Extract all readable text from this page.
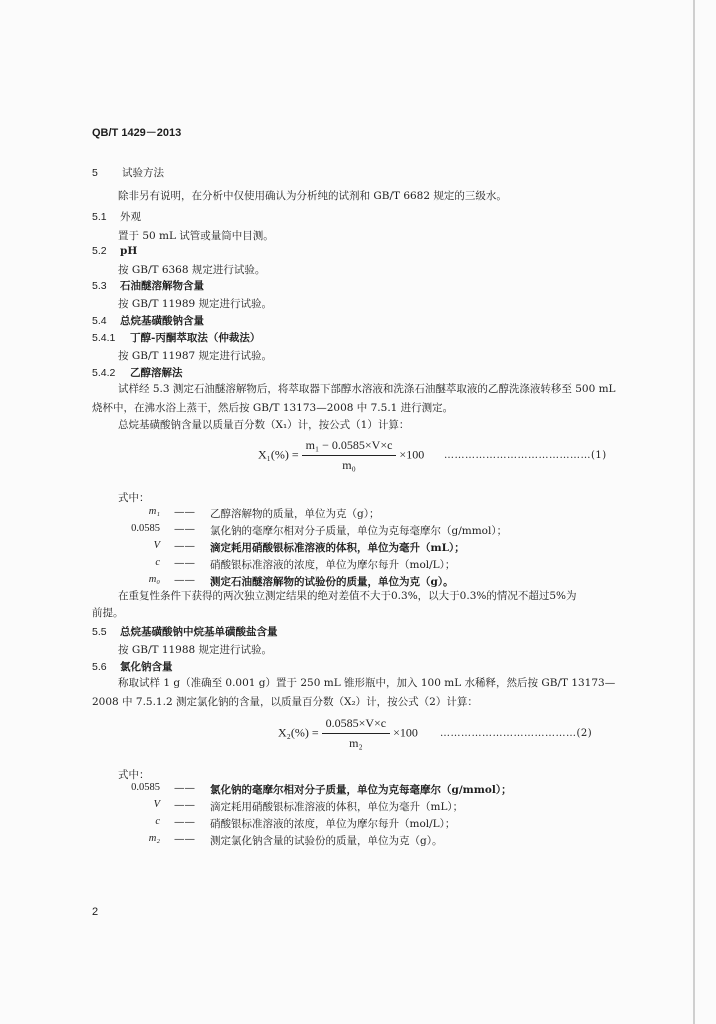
QB/T 1429－2013
5 试验方法
除非另有说明，在分析中仅使用确认为分析纯的试剂和 GB/T 6682 规定的三级水。
5.1 外观
置于 50 mL 试管或量筒中目测。
5.2 pH
按 GB/T 6368 规定进行试验。
5.3 石油醚溶解物含量
按 GB/T 11989 规定进行试验。
5.4 总烷基磺酸钠含量
5.4.1 丁醇-丙酮萃取法（仲裁法）
按 GB/T 11987 规定进行试验。
5.4.2 乙醇溶解法
试样经 5.3 测定石油醚溶解物后，将萃取器下部醇水溶液和洗涤石油醚萃取液的乙醇洗涤液转移至 500 mL 烧杯中，在沸水浴上蒸干，然后按 GB/T 13173—2008 中 7.5.1 进行测定。
总烷基磺酸钠含量以质量百分数（X₁）计，按公式（1）计算：
$X_1(\%) = \frac{\text{m₁ − 0.0585×V×c}}{\text{m₀}} \times 100$ ……………………………………(1)
式中：
m₁ —— 乙醇溶解物的质量，单位为克（g）；
0.0585 —— 氯化钠的毫摩尔相对分子质量，单位为克每毫摩尔（g/mmol）；
V —— 滴定耗用硝酸银标准溶液的体积，单位为毫升（mL）；
c —— 硝酸银标准溶液的浓度，单位为摩尔每升（mol/L）；
m₀ —— 测定石油醚溶解物的试验份的质量，单位为克（g）。
在重复性条件下获得的两次独立测定结果的绝对差值不大于0.3%，以大于0.3%的情况不超过5%为
前提。
5.5 总烷基磺酸钠中烷基单磺酸盐含量
按 GB/T 11988 规定进行试验。
5.6 氯化钠含量
称取试样 1 g（准确至 0.001 g）置于 250 mL 锥形瓶中，加入 100 mL 水稀释，然后按 GB/T 13173—2008 中 7.5.1.2 测定氯化钠的含量，以质量百分数（X₂）计，按公式（2）计算：
$X_2(\%) = \frac{0.0585\times V\times c}{\text{m₂}} \times 100$ …………………………………(2)
式中：
0.0585 —— 氯化钠的毫摩尔相对分子质量，单位为克每毫摩尔（g/mmol）；
V —— 滴定耗用硝酸银标准溶液的体积，单位为毫升（mL）；
c —— 硝酸银标准溶液的浓度，单位为摩尔每升（mol/L）；
m₂ —— 测定氯化钠含量的试验份的质量，单位为克（g）。
2
